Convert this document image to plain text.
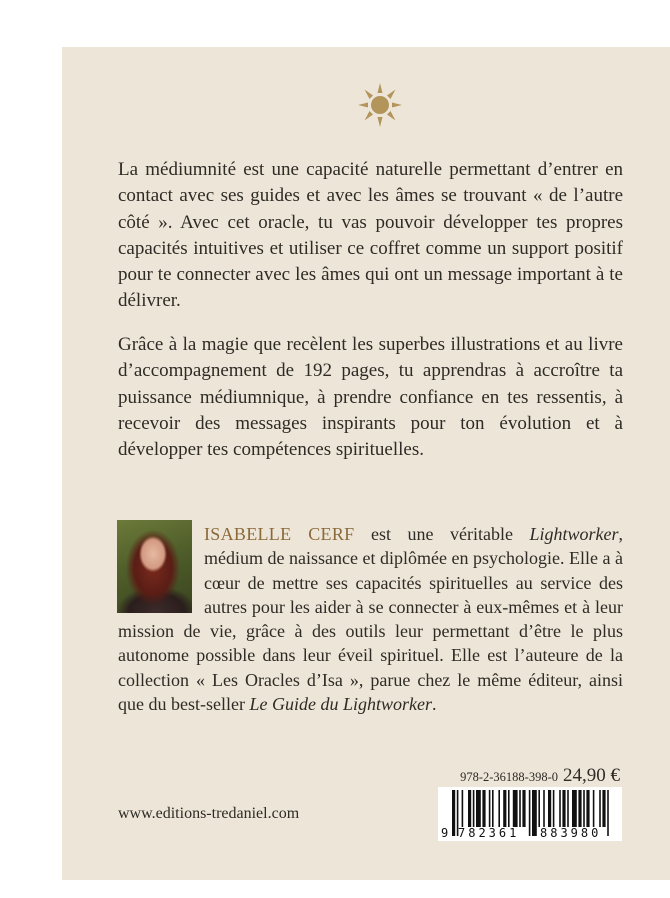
La médiumnité est une capacité naturelle permettant d’entrer en contact avec ses guides et avec les âmes se trouvant « de l’autre côté ». Avec cet oracle, tu vas pouvoir développer tes propres capacités intuitives et utiliser ce coffret comme un support positif pour te connecter avec les âmes qui ont un message important à te délivrer.

Grâce à la magie que recèlent les superbes illustrations et au livre d’accompagnement de 192 pages, tu apprendras à accroître ta puissance médiumnique, à prendre confiance en tes ressentis, à recevoir des messages inspirants pour ton évolution et à développer tes compétences spirituelles.

ISABELLE CERF est une véritable Lightworker, médium de naissance et diplômée en psychologie. Elle a à cœur de mettre ses capacités spirituelles au service des autres pour les aider à se connecter à eux-mêmes et à leur mission de vie, grâce à des outils leur permettant d’être le plus autonome possible dans leur éveil spirituel. Elle est l’auteure de la collection « Les Oracles d’Isa », parue chez le même éditeur, ainsi que du best-seller Le Guide du Lightworker.

www.editions-tredaniel.com
978-2-36188-398-0 24,90 €
9 782361 883980
